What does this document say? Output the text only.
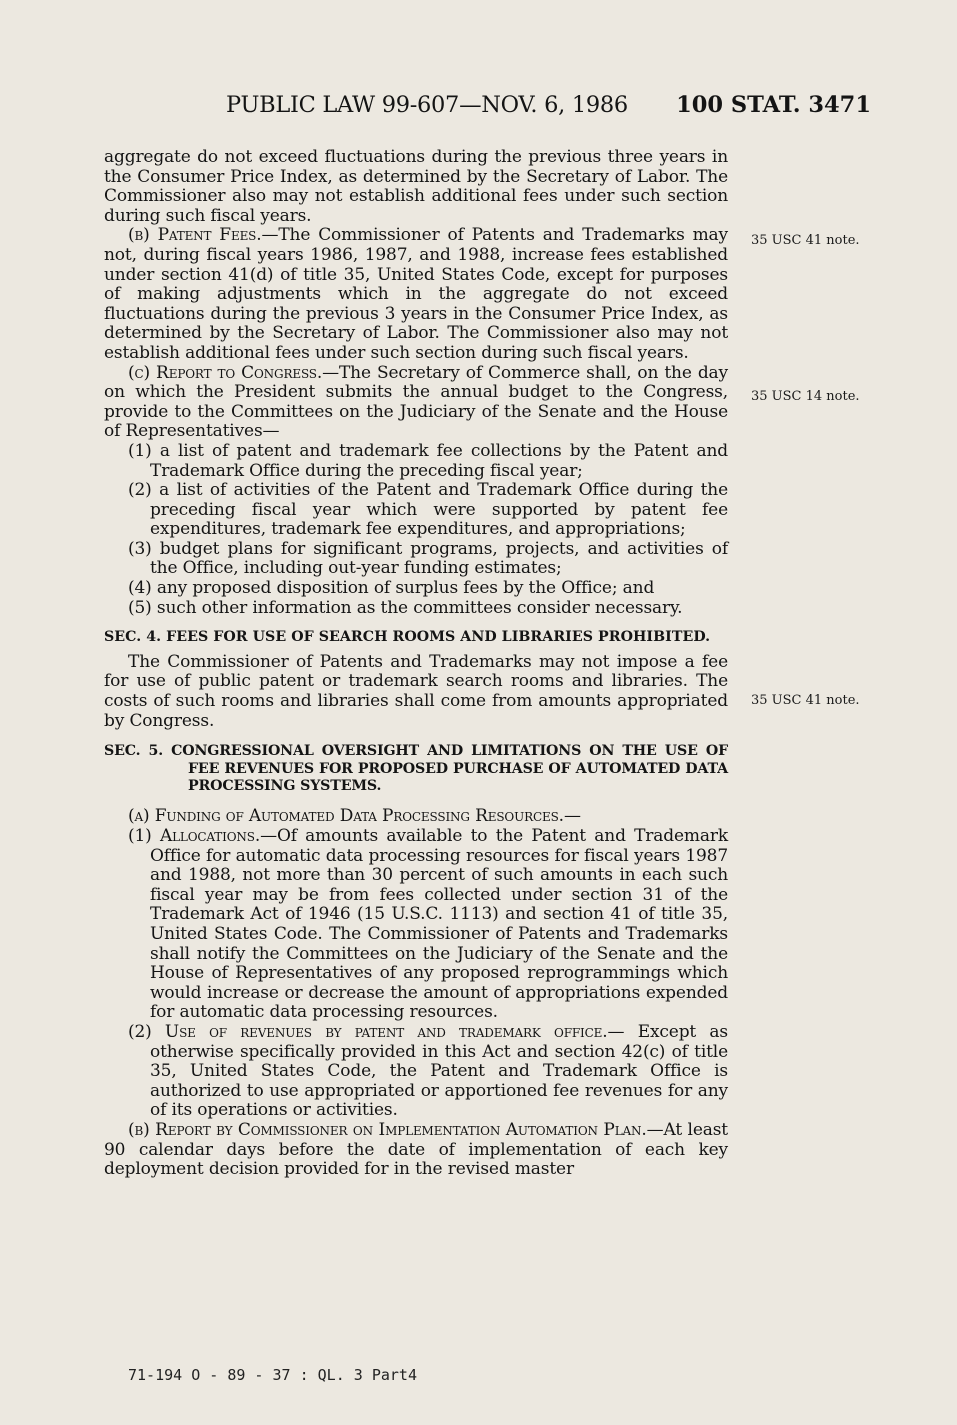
PUBLIC LAW 99-607—NOV. 6, 1986 100 STAT. 3471

aggregate do not exceed fluctuations during the previous three years in the Consumer Price Index, as determined by the Secretary of Labor. The Commissioner also may not establish additional fees under such section during such fiscal years.

(b) Patent Fees.—The Commissioner of Patents and Trademarks may not, during fiscal years 1986, 1987, and 1988, increase fees established under section 41(d) of title 35, United States Code, except for purposes of making adjustments which in the aggregate do not exceed fluctuations during the previous 3 years in the Consumer Price Index, as determined by the Secretary of Labor. The Commissioner also may not establish additional fees under such section during such fiscal years.

(c) Report to Congress.—The Secretary of Commerce shall, on the day on which the President submits the annual budget to the Congress, provide to the Committees on the Judiciary of the Senate and the House of Representatives—

(1) a list of patent and trademark fee collections by the Patent and Trademark Office during the preceding fiscal year;

(2) a list of activities of the Patent and Trademark Office during the preceding fiscal year which were supported by patent fee expenditures, trademark fee expenditures, and appropriations;

(3) budget plans for significant programs, projects, and activities of the Office, including out-year funding estimates;

(4) any proposed disposition of surplus fees by the Office; and

(5) such other information as the committees consider necessary.

SEC. 4. FEES FOR USE OF SEARCH ROOMS AND LIBRARIES PROHIBITED.

The Commissioner of Patents and Trademarks may not impose a fee for use of public patent or trademark search rooms and libraries. The costs of such rooms and libraries shall come from amounts appropriated by Congress.

SEC. 5. CONGRESSIONAL OVERSIGHT AND LIMITATIONS ON THE USE OF FEE REVENUES FOR PROPOSED PURCHASE OF AUTOMATED DATA PROCESSING SYSTEMS.

(a) Funding of Automated Data Processing Resources.—

(1) Allocations.—Of amounts available to the Patent and Trademark Office for automatic data processing resources for fiscal years 1987 and 1988, not more than 30 percent of such amounts in each such fiscal year may be from fees collected under section 31 of the Trademark Act of 1946 (15 U.S.C. 1113) and section 41 of title 35, United States Code. The Commissioner of Patents and Trademarks shall notify the Committees on the Judiciary of the Senate and the House of Representatives of any proposed reprogrammings which would increase or decrease the amount of appropriations expended for automatic data processing resources.

(2) Use of revenues by patent and trademark office.— Except as otherwise specifically provided in this Act and section 42(c) of title 35, United States Code, the Patent and Trademark Office is authorized to use appropriated or apportioned fee revenues for any of its operations or activities.

(b) Report by Commissioner on Implementation Automation Plan.—At least 90 calendar days before the date of implementation of each key deployment decision provided for in the revised master

35 USC 41 note.
35 USC 14 note.
35 USC 41 note.
71-194 O - 89 - 37 : QL. 3 Part4
